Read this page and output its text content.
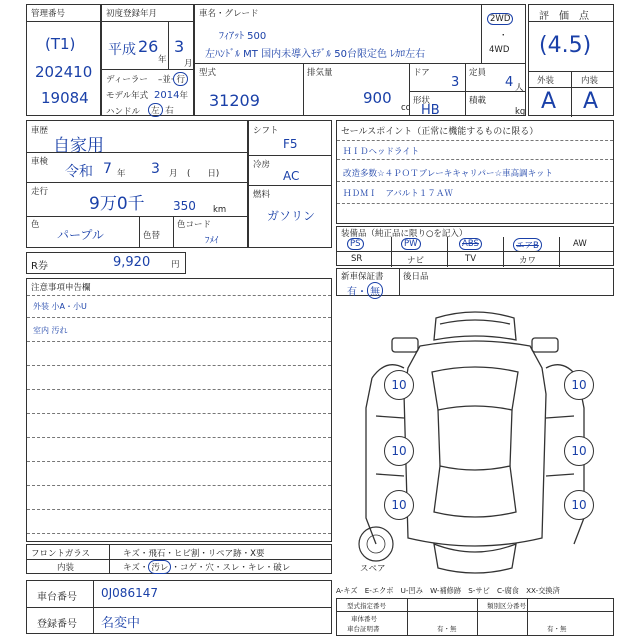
管理番号
(T1)
202410
19084
初度登録年月
平成 26
年
3
月
ディーラー –並· 行
モデル年式 2014年
ハンドル	左 右
車名・グレード
ﾌｨｱｯﾄ 500
左ﾊﾝﾄﾞﾙ MT 国内未導入ﾓﾃﾞﾙ 50台限定色 ﾚｶﾛ左右
2WD
・
4WD
型式
31209
排気量
900
cc
ドア
3
定員
4 人
形状
HB
積載
kg
評　価　点
(4.5)
外装	内装
A A
車歴
自家用
車検
令和 7 年 3 月 (　　日)
走行
9万0千 350 km
色
パープル	色替
色コード
ﾌﾒｲ
シフト
F5
冷房
AC
燃料
ガソリン
セールスポイント（正常に機能するものに限る）
ＨＩＤヘッドライト
改造多数☆４ＰＯＴブレーキキャリパー☆車高調キット
ＨＤＭＩ　アバルト１７ＡＷ
装備品（純正品に限り○を記入）
PS	PW	ABS	エアB	AW
SR	ナビ	TV	カワ
新車保証書
有・ 無
後日品
R券	9,920 円
注意事項申告欄
外装 小A・小U
室内 汚れ
フロントガラス	キズ・飛石・ヒビ割・リペア跡・X要
内装	キズ・ 汚レ ・コゲ・穴・スレ・キレ・破レ
車台番号 0J086147
登録番号 名変中
10	10
10	10
10	10
スペア
A-キズ　E-エクボ　U-凹み　W-補修跡　S-サビ　C-腐食　XX-交換済
型式指定番号	類別区分番号
車体番号
車台証明書	有・無	有・無
